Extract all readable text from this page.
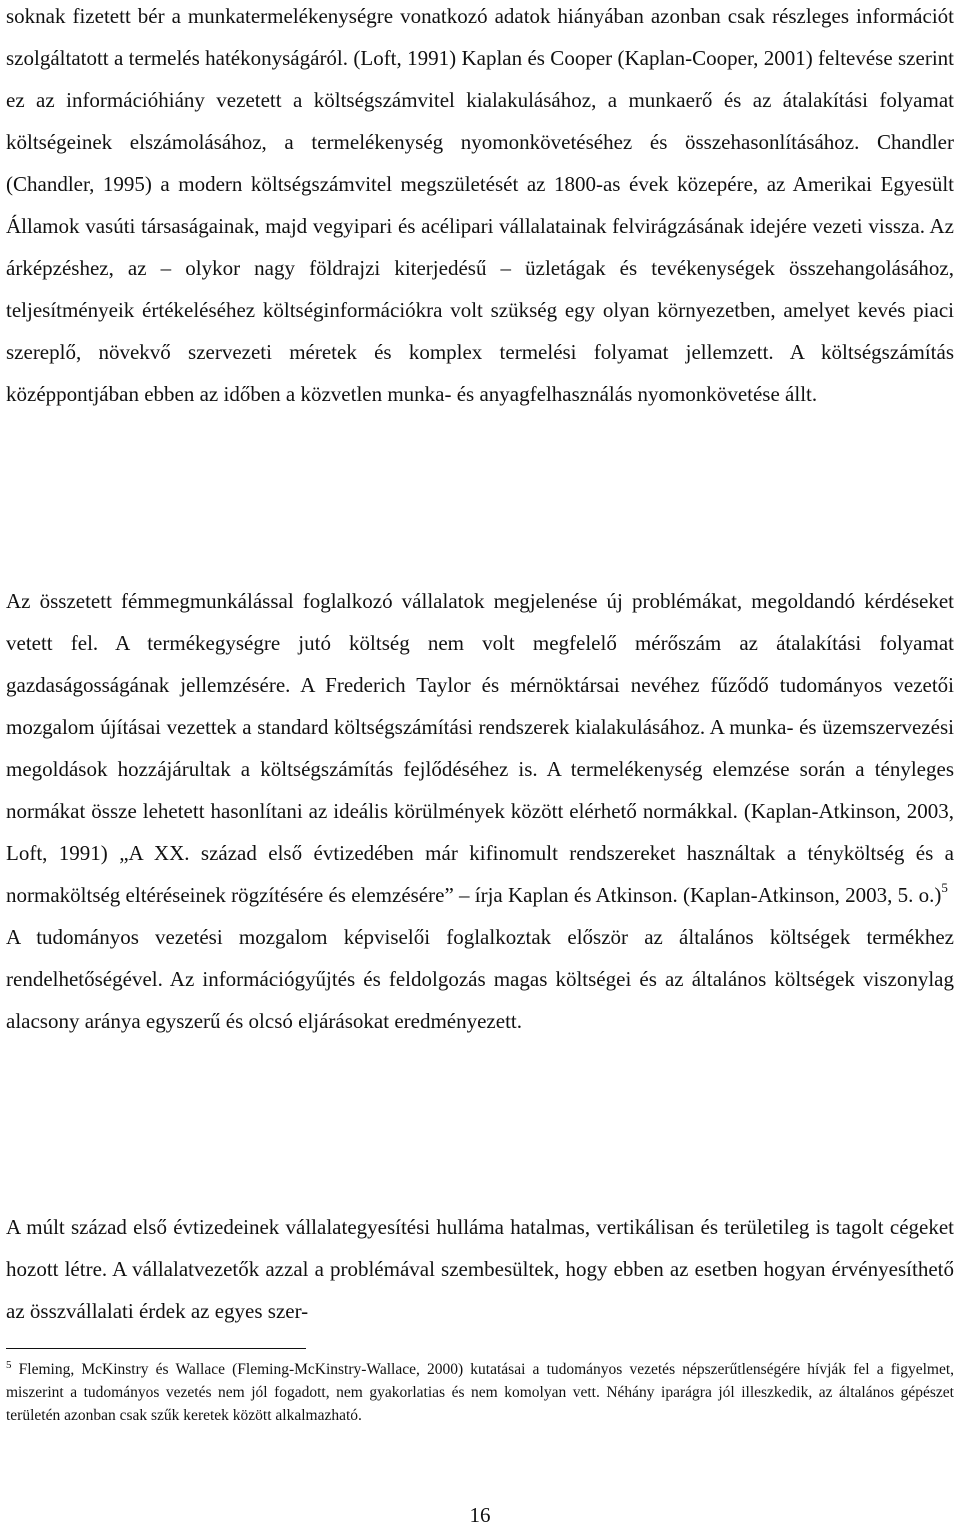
soknak fizetett bér a munkatermelékenységre vonatkozó adatok hiányában azonban csak részleges információt szolgáltatott a termelés hatékonyságáról. (Loft, 1991) Kaplan és Cooper (Kaplan-Cooper, 2001) feltevése szerint ez az információhiány vezetett a költségszámvitel kialakulásához, a munkaerő és az átalakítási folyamat költségeinek elszámolásához, a termelékenység nyomonkövetéséhez és összehasonlításához. Chandler (Chandler, 1995) a modern költségszámvitel megszületését az 1800-as évek közepére, az Amerikai Egyesült Államok vasúti társaságainak, majd vegyipari és acélipari vállalatainak felvirágzásának idejére vezeti vissza. Az árképzéshez, az – olykor nagy földrajzi kiterjedésű – üzletágak és tevékenységek összehangolásához, teljesítményeik értékeléséhez költséginformációkra volt szükség egy olyan környezetben, amelyet kevés piaci szereplő, növekvő szervezeti méretek és komplex termelési folyamat jellemzett. A költségszámítás középpontjában ebben az időben a közvetlen munka- és anyagfelhasználás nyomonkövetése állt.

Az összetett fémmegmunkálással foglalkozó vállalatok megjelenése új problémákat, megoldandó kérdéseket vetett fel. A termékegységre jutó költség nem volt megfelelő mérőszám az átalakítási folyamat gazdaságosságának jellemzésére. A Frederich Taylor és mérnöktársai nevéhez fűződő tudományos vezetői mozgalom újításai vezettek a standard költségszámítási rendszerek kialakulásához. A munka- és üzemszervezési megoldások hozzájárultak a költségszámítás fejlődéséhez is. A termelékenység elemzése során a tényleges normákat össze lehetett hasonlítani az ideális körülmények között elérhető normákkal. (Kaplan-Atkinson, 2003, Loft, 1991) „A XX. század első évtizedében már kifinomult rendszereket használtak a tényköltség és a normaköltség eltéréseinek rögzítésére és elemzésére” – írja Kaplan és Atkinson. (Kaplan-Atkinson, 2003, 5. o.)$^5$

A tudományos vezetési mozgalom képviselői foglalkoztak először az általános költségek termékhez rendelhetőségével. Az információgyűjtés és feldolgozás magas költségei és az általános költségek viszonylag alacsony aránya egyszerű és olcsó eljárásokat eredményezett.

A múlt század első évtizedeinek vállalategyesítési hulláma hatalmas, vertikálisan és területileg is tagolt cégeket hozott létre. A vállalatvezetők azzal a problémával szembesültek, hogy ebben az esetben hogyan érvényesíthető az összvállalati érdek az egyes szer-

$^5$ Fleming, McKinstry és Wallace (Fleming-McKinstry-Wallace, 2000) kutatásai a tudományos vezetés népszerűtlenségére hívják fel a figyelmet, miszerint a tudományos vezetés nem jól fogadott, nem gyakorlatias és nem komolyan vett. Néhány iparágra jól illeszkedik, az általános gépészet területén azonban csak szűk keretek között alkalmazható.

16
